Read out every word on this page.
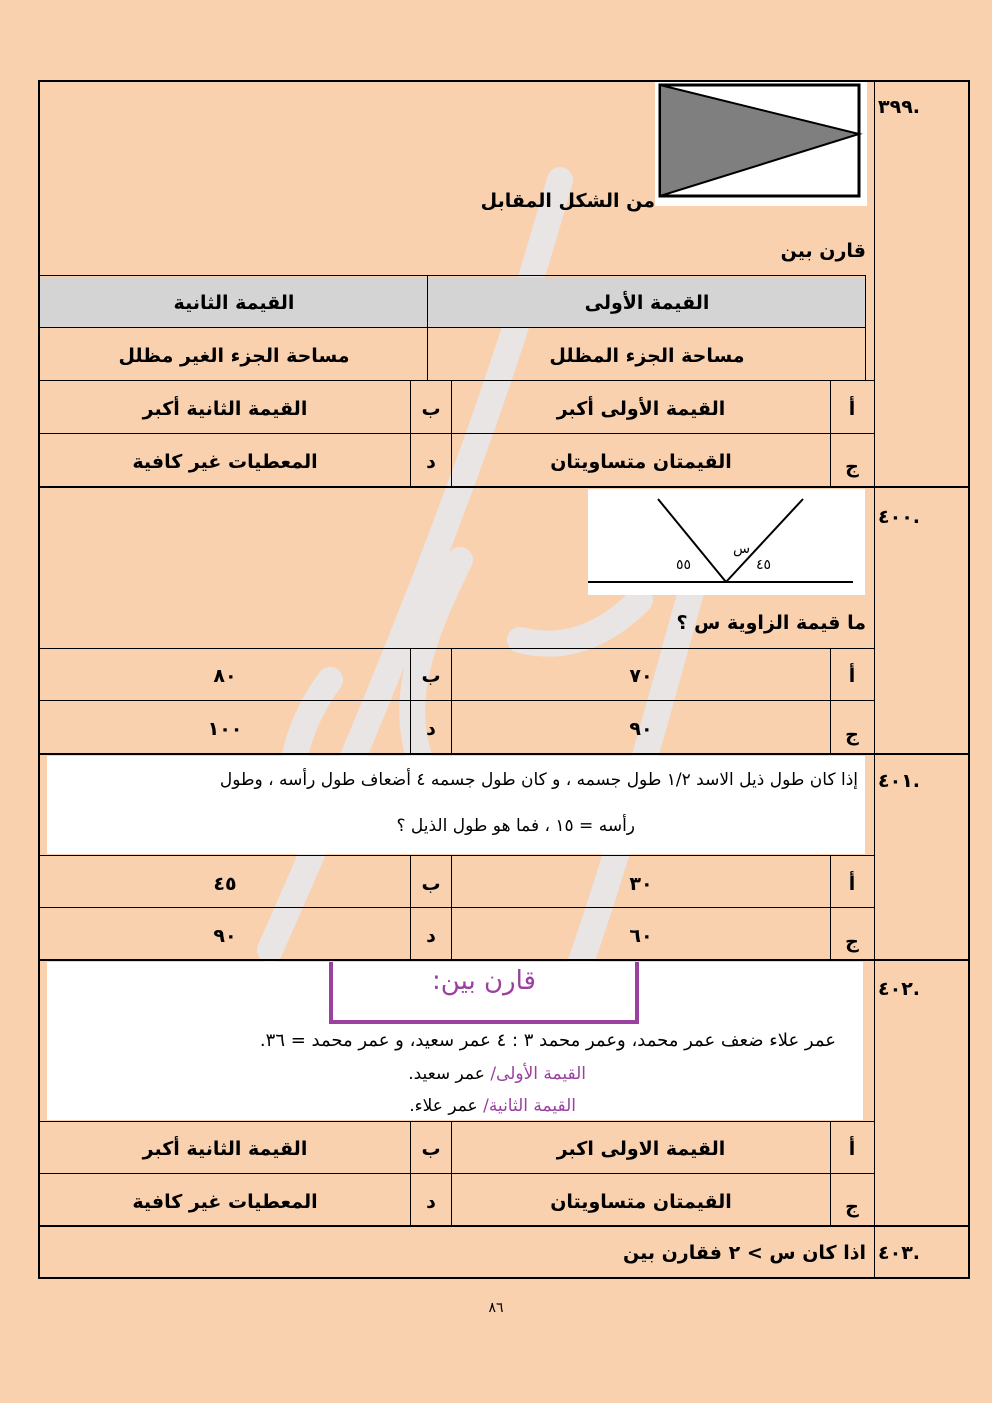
.٣٩٩
من الشكل المقابل
قارن بين
القيمة الأولى
القيمة الثانية
مساحة الجزء المظلل
مساحة الجزء الغير مظلل
أ
القيمة الأولى أكبر
ب
القيمة الثانية أكبر
ج
القيمتان متساويتان
د
المعطيات غير كافية
س
٥٥	٤٥
.٤٠٠
ما قيمة الزاوية س ؟
أ
٧٠
ب
٨٠
ج
٩٠
د
١٠٠
.٤٠١
إذا كان طول ذيل الاسد ١/٢ طول جسمه ، و كان طول جسمه ٤ أضعاف طول رأسه ، وطول
رأسه = ١٥ ، فما هو طول الذيل ؟
أ
٣٠
ب
٤٥
ج
٦٠
د
٩٠
قارن بين:	.٤٠٢
عمر علاء ضعف عمر محمد، وعمر محمد ٣ : ٤ عمر سعيد، و عمر محمد = ٣٦.
القيمة الأولى/ عمر سعيد.
القيمة الثانية/ عمر علاء.
أ
القيمة الاولى اكبر
ب
القيمة الثانية أكبر
ج
القيمتان متساويتان
د
المعطيات غير كافية
.٤٠٣
اذا كان س > ٢ فقارن بين
٨٦
